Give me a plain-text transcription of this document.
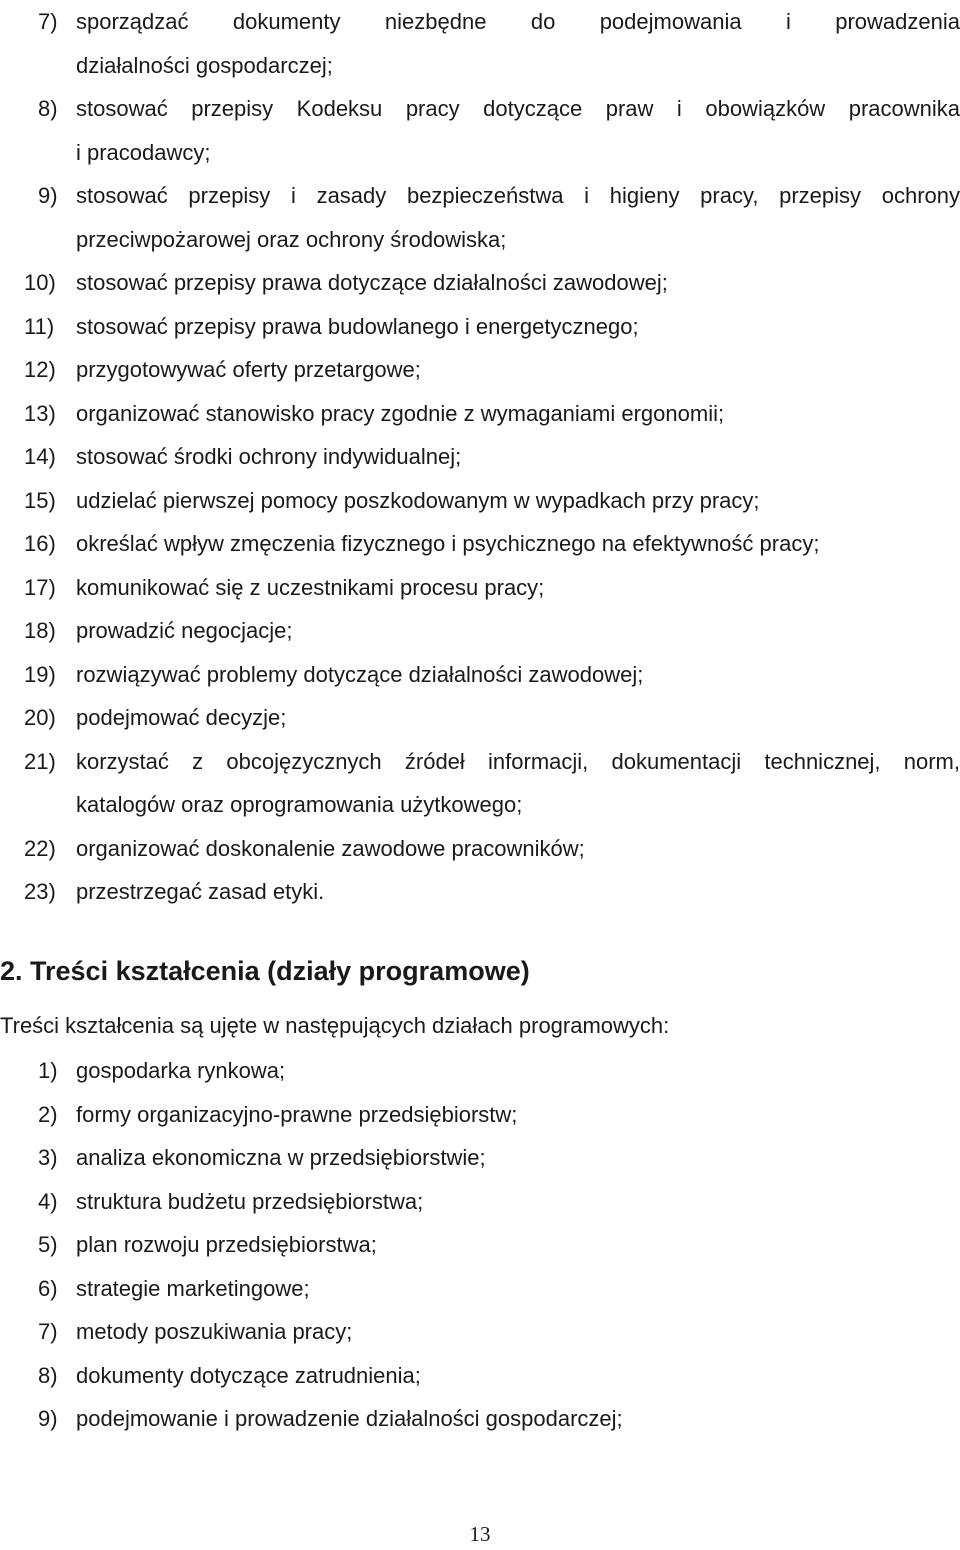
7) sporządzać dokumenty niezbędne do podejmowania i prowadzenia
działalności gospodarczej;
8) stosować przepisy Kodeksu pracy dotyczące praw i obowiązków pracownika
i pracodawcy;
9) stosować przepisy i zasady bezpieczeństwa i higieny pracy, przepisy ochrony
przeciwpożarowej oraz ochrony środowiska;
10) stosować przepisy prawa dotyczące działalności zawodowej;
11) stosować przepisy prawa budowlanego i energetycznego;
12) przygotowywać oferty przetargowe;
13) organizować stanowisko pracy zgodnie z wymaganiami ergonomii;
14) stosować środki ochrony indywidualnej;
15) udzielać pierwszej pomocy poszkodowanym w wypadkach przy pracy;
16) określać wpływ zmęczenia fizycznego i psychicznego na efektywność pracy;
17) komunikować się z uczestnikami procesu pracy;
18) prowadzić negocjacje;
19) rozwiązywać problemy dotyczące działalności zawodowej;
20) podejmować decyzje;
21) korzystać z obcojęzycznych źródeł informacji, dokumentacji technicznej, norm,
katalogów oraz oprogramowania użytkowego;
22) organizować doskonalenie zawodowe pracowników;
23) przestrzegać zasad etyki.
2. Treści kształcenia (działy programowe)

Treści kształcenia są ujęte w następujących działach programowych:

1) gospodarka rynkowa;
2) formy organizacyjno-prawne przedsiębiorstw;
3) analiza ekonomiczna w przedsiębiorstwie;
4) struktura budżetu przedsiębiorstwa;
5) plan rozwoju przedsiębiorstwa;
6) strategie marketingowe;
7) metody poszukiwania pracy;
8) dokumenty dotyczące zatrudnienia;
9) podejmowanie i prowadzenie działalności gospodarczej;
13
